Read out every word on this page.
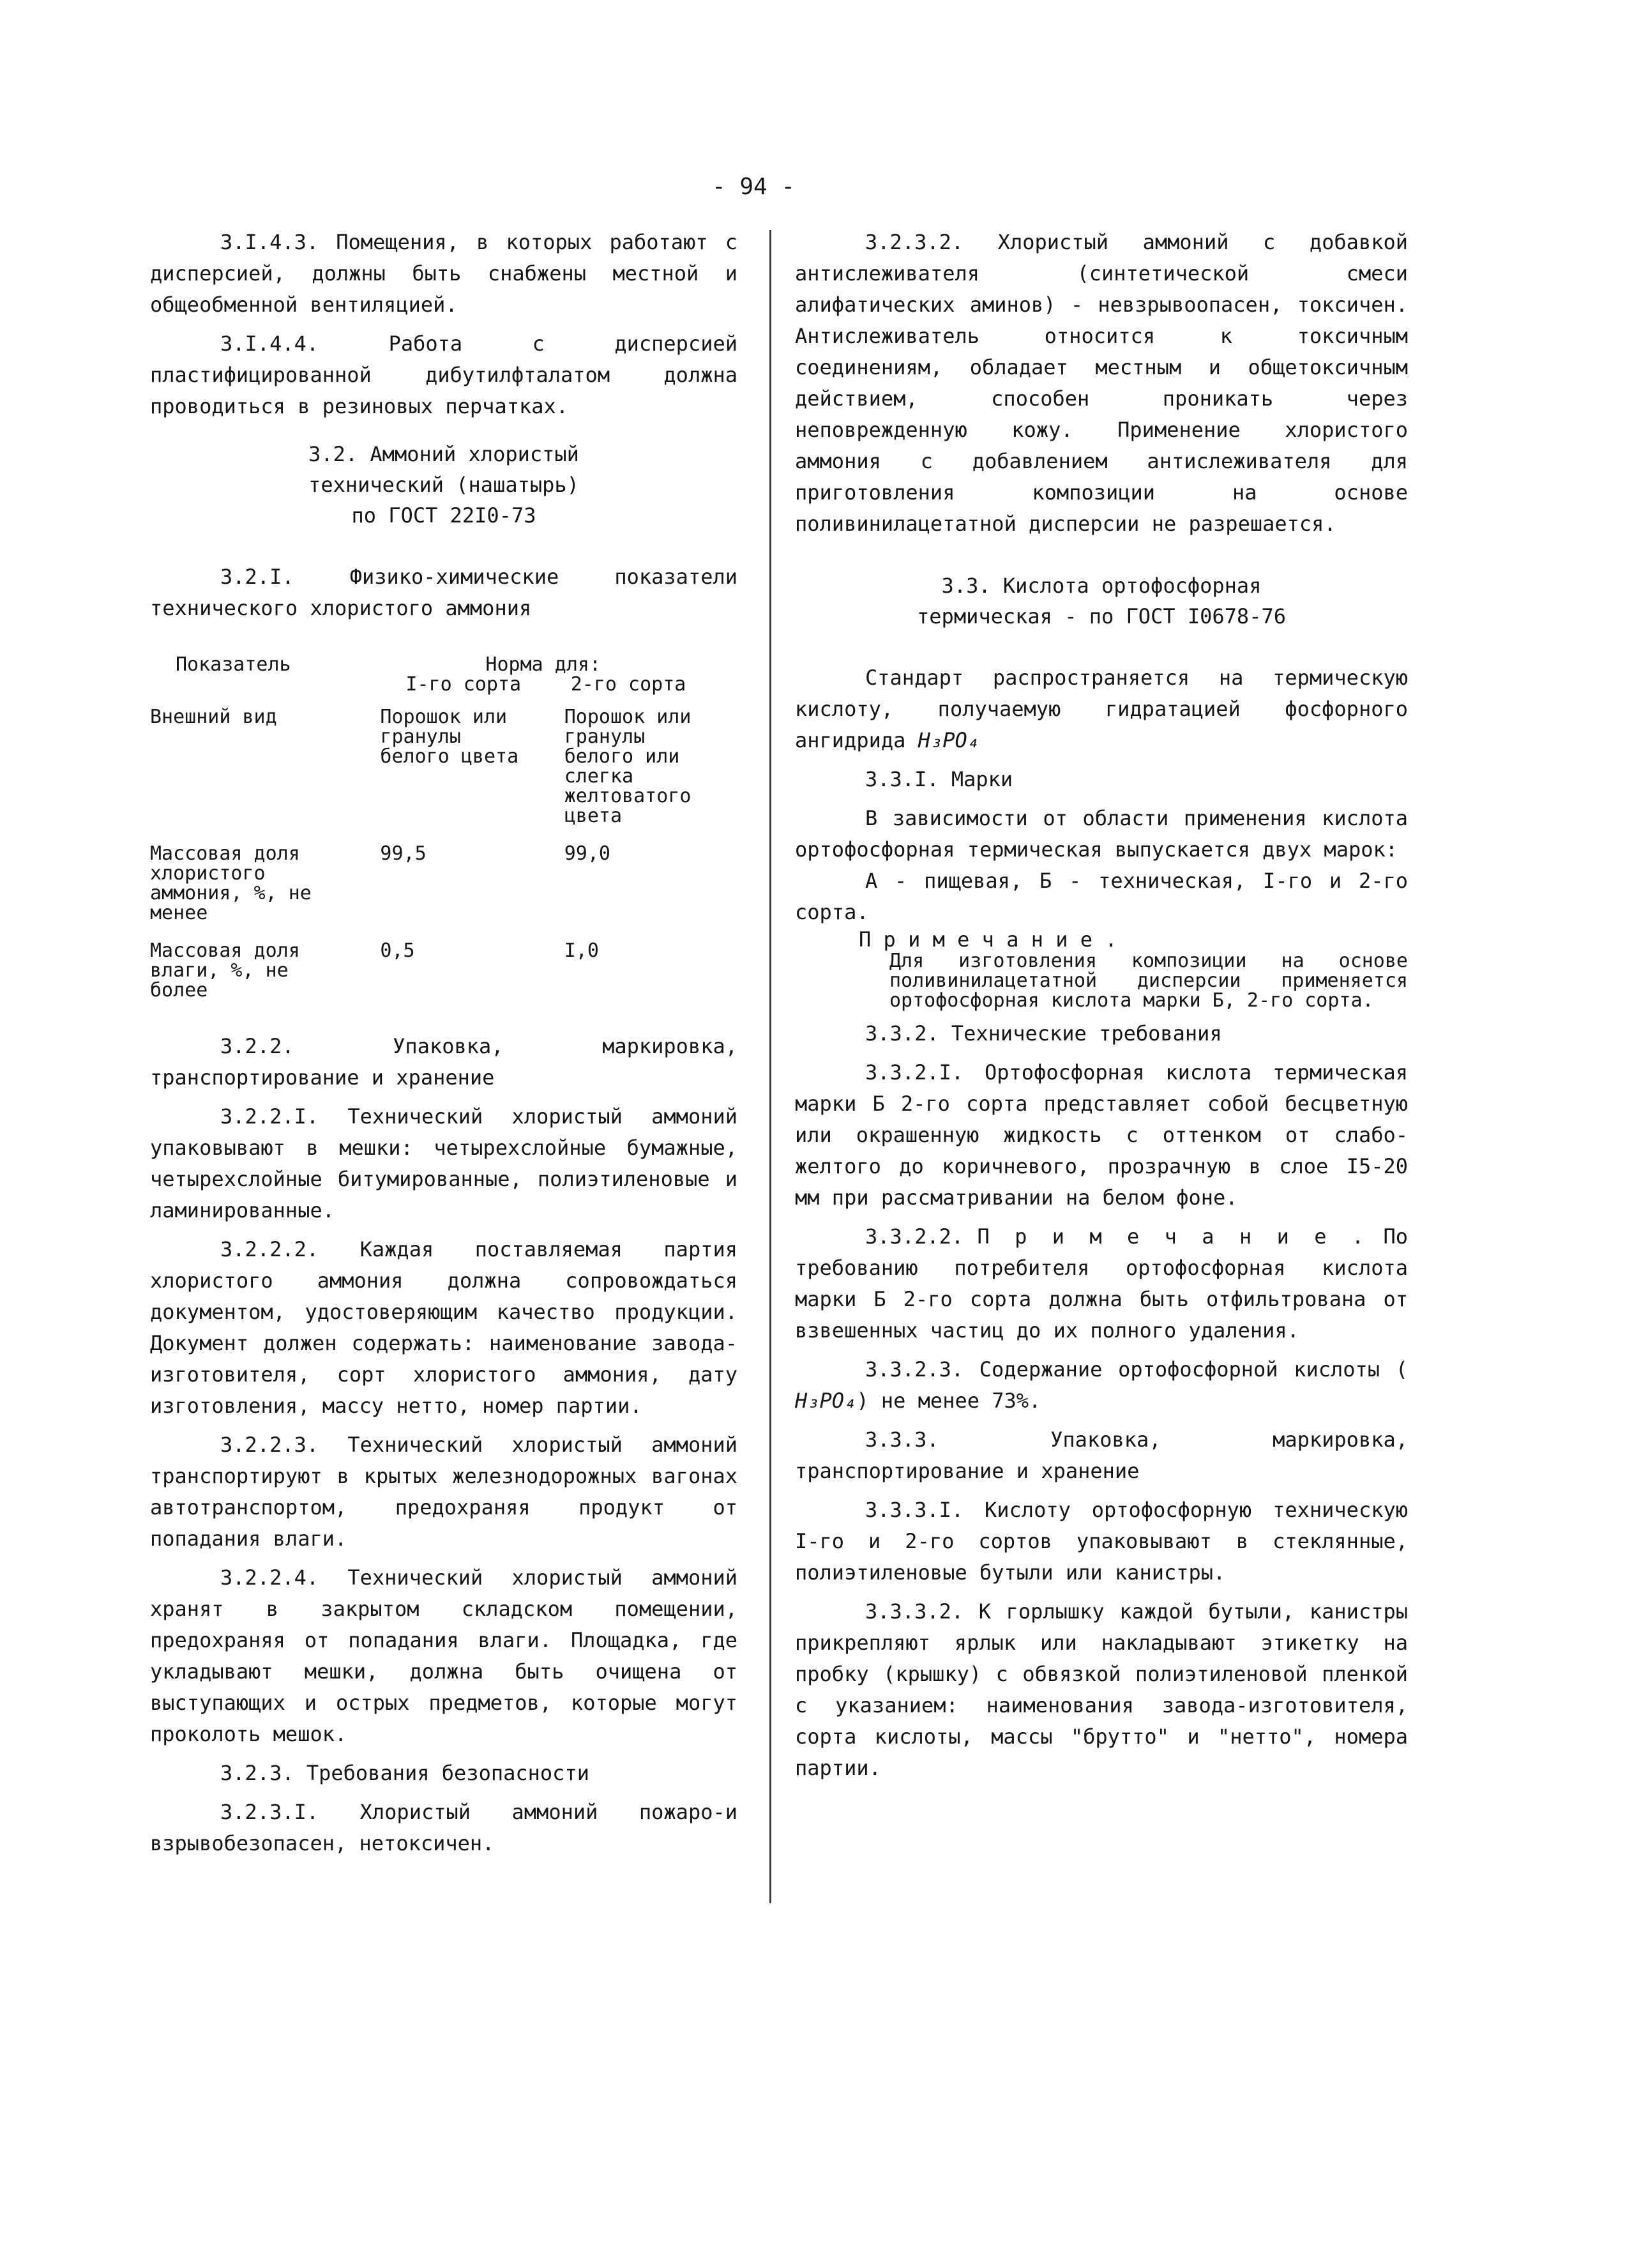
- 94 -

3.I.4.3. Помещения, в которых работают с дисперсией, должны быть снабжены местной и общеобменной вентиляцией.

3.I.4.4. Работа с дисперсией пластифицированной дибутилфталатом должна проводиться в резиновых перчатках.

3.2. Аммоний хлористый

технический (нашатырь)

по ГОСТ 22I0-73

3.2.I. Физико-химические показатели технического хлористого аммония

Показатель	Норма для:	
	I-го сорта	2-го сорта

Внешний вид	Порошок или гранулы белого цвета	Порошок или гранулы белого или слегка желтоватого цвета

Массовая доля хлористого аммония, %, не менее	99,5	99,0

Массовая доля влаги, %, не более	0,5	I,0

3.2.2. Упаковка, маркировка, транспортирование и хранение

3.2.2.I. Технический хлористый аммоний упаковывают в мешки: четырехслойные бумажные, четырехслойные битумированные, полиэтиленовые и ламинированные.

3.2.2.2. Каждая поставляемая партия хлористого аммония должна сопровождаться документом, удостоверяющим качество продукции. Документ должен содержать: наименование завода-изготовителя, сорт хлористого аммония, дату изготовления, массу нетто, номер партии.

3.2.2.3. Технический хлористый аммоний транспортируют в крытых железнодорожных вагонах автотранспортом, предохраняя продукт от попадания влаги.

3.2.2.4. Технический хлористый аммоний хранят в закрытом складском помещении, предохраняя от попадания влаги. Площадка, где укладывают мешки, должна быть очищена от выступающих и острых предметов, которые могут проколоть мешок.

3.2.3. Требования безопасности

3.2.3.I. Хлористый аммоний пожаро-и взрывобезопасен, нетоксичен.

3.2.3.2. Хлористый аммоний с добавкой антислеживателя (синтетической смеси алифатических аминов) - невзрывоопасен, токсичен. Антислеживатель относится к токсичным соединениям, обладает местным и общетоксичным действием, способен проникать через неповрежденную кожу. Применение хлористого аммония с добавлением антислеживателя для приготовления композиции на основе поливинилацетатной дисперсии не разрешается.

3.3. Кислота ортофосфорная

термическая - по ГОСТ I0678-76

Стандарт распространяется на термическую кислоту, получаемую гидратацией фосфорного ангидрида H₃PO₄

3.3.I. Марки

В зависимости от области применения кислота ортофосфорная термическая выпускается двух марок:

А - пищевая, Б - техническая, I-го и 2-го сорта.

П р и м е ч а н и е .

Для изготовления композиции на основе поливинилацетатной дисперсии применяется ортофосфорная кислота марки Б, 2-го сорта.

3.3.2. Технические требования

3.3.2.I. Ортофосфорная кислота термическая марки Б 2-го сорта представляет собой бесцветную или окрашенную жидкость с оттенком от слабо-желтого до коричневого, прозрачную в слое I5-20 мм при рассматривании на белом фоне.

3.3.2.2. П р и м е ч а н и е . По требованию потребителя ортофосфорная кислота марки Б 2-го сорта должна быть отфильтрована от взвешенных частиц до их полного удаления.

3.3.2.3. Содержание ортофосфорной кислоты ( H₃PO₄) не менее 73%.

3.3.3. Упаковка, маркировка, транспортирование и хранение

3.3.3.I. Кислоту ортофосфорную техническую I-го и 2-го сортов упаковывают в стеклянные, полиэтиленовые бутыли или канистры.

3.3.3.2. К горлышку каждой бутыли, канистры прикрепляют ярлык или накладывают этикетку на пробку (крышку) с обвязкой полиэтиленовой пленкой с указанием: наименования завода-изготовителя, сорта кислоты, массы "брутто" и "нетто", номера партии.
